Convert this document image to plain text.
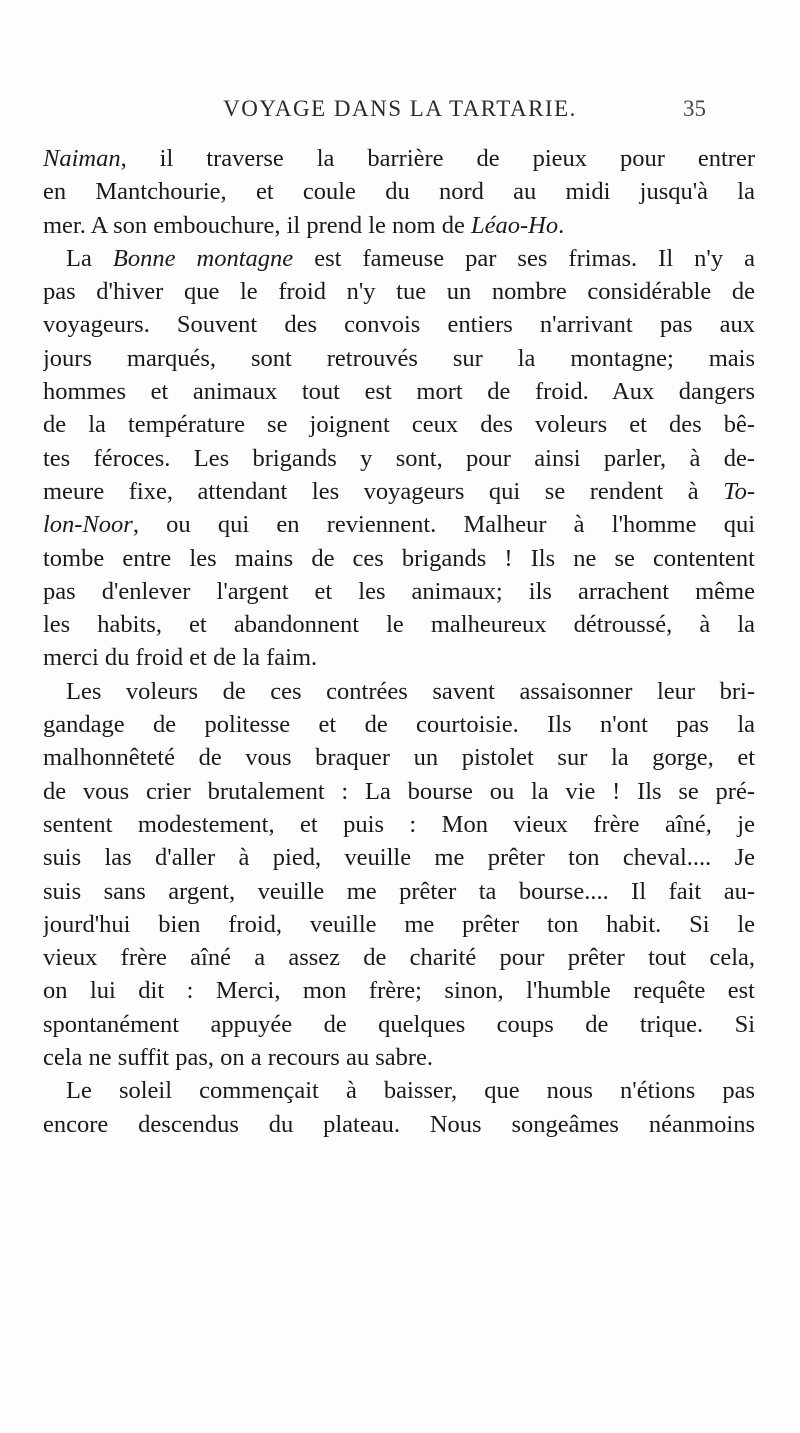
VOYAGE DANS LA TARTARIE.	35
Naiman, il traverse la barrière de pieux pour entrer
en Mantchourie, et coule du nord au midi jusqu'à la
mer. A son embouchure, il prend le nom de Léao-Ho.
La Bonne montagne est fameuse par ses frimas. Il n'y a
pas d'hiver que le froid n'y tue un nombre considérable de
voyageurs. Souvent des convois entiers n'arrivant pas aux
jours marqués, sont retrouvés sur la montagne; mais
hommes et animaux tout est mort de froid. Aux dangers
de la température se joignent ceux des voleurs et des bê-
tes féroces. Les brigands y sont, pour ainsi parler, à de-
meure fixe, attendant les voyageurs qui se rendent à To-
lon-Noor, ou qui en reviennent. Malheur à l'homme qui
tombe entre les mains de ces brigands ! Ils ne se contentent
pas d'enlever l'argent et les animaux; ils arrachent même
les habits, et abandonnent le malheureux détroussé, à la
merci du froid et de la faim.
Les voleurs de ces contrées savent assaisonner leur bri-
gandage de politesse et de courtoisie. Ils n'ont pas la
malhonnêteté de vous braquer un pistolet sur la gorge, et
de vous crier brutalement : La bourse ou la vie ! Ils se pré-
sentent modestement, et puis : Mon vieux frère aîné, je
suis las d'aller à pied, veuille me prêter ton cheval.... Je
suis sans argent, veuille me prêter ta bourse.... Il fait au-
jourd'hui bien froid, veuille me prêter ton habit. Si le
vieux frère aîné a assez de charité pour prêter tout cela,
on lui dit : Merci, mon frère; sinon, l'humble requête est
spontanément appuyée de quelques coups de trique. Si
cela ne suffit pas, on a recours au sabre.
Le soleil commençait à baisser, que nous n'étions pas
encore descendus du plateau. Nous songeâmes néanmoins
